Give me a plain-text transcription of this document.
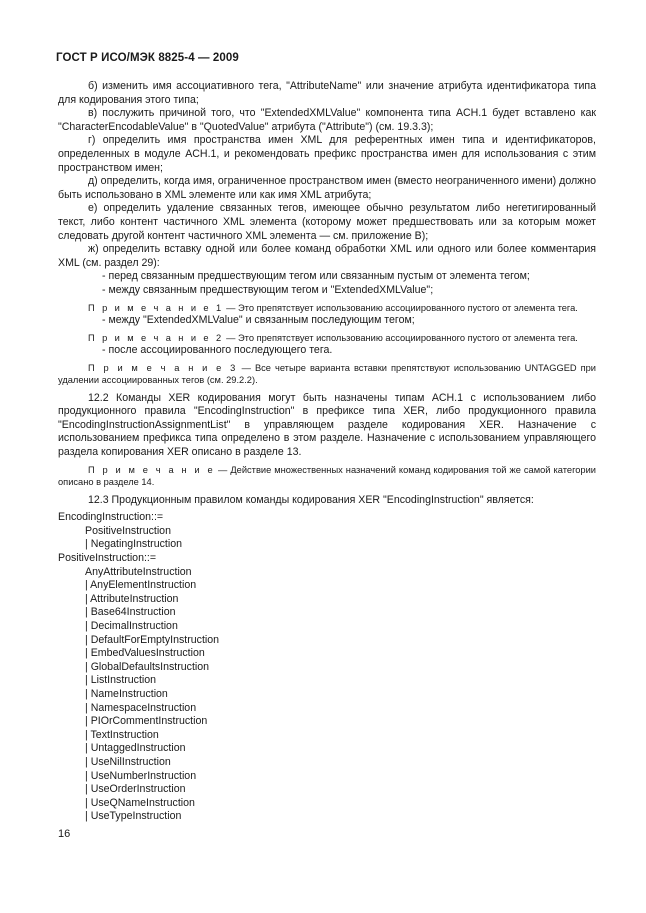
ГОСТ Р ИСО/МЭК 8825-4 — 2009

б) изменить имя ассоциативного тега, "AttributeName" или значение атрибута идентификатора типа для кодирования этого типа;

в) послужить причиной того, что "ExtendedXMLValue" компонента типа ACH.1 будет вставлено как "CharacterEncodableValue" в "QuotedValue" атрибута ("Attribute") (см. 19.3.3);

г) определить имя пространства имен XML для референтных имен типа и идентификаторов, определенных в модуле ACH.1, и рекомендовать префикс пространства имен для использования с этим пространством имен;

д) определить, когда имя, ограниченное пространством имен (вместо неограниченного имени) должно быть использовано в XML элементе или как имя XML атрибута;

е) определить удаление связанных тегов, имеющее обычно результатом либо негетигированный текст, либо контент частичного XML элемента (которому может предшествовать или за которым может следовать другой контент частичного XML элемента — см. приложение В);

ж) определить вставку одной или более команд обработки XML или одного или более комментария XML (см. раздел 29):

- перед связанным предшествующим тегом или связанным пустым от элемента тегом;

- между связанным предшествующим тегом и "ExtendedXMLValue";

П р и м е ч а н и е 1 — Это препятствует использованию ассоциированного пустого от элемента тега.

- между "ExtendedXMLValue" и связанным последующим тегом;

П р и м е ч а н и е 2 — Это препятствует использованию ассоциированного пустого от элемента тега.

- после ассоциированного последующего тега.

П р и м е ч а н и е 3 — Все четыре варианта вставки препятствуют использованию UNTAGGED при удалении ассоциированных тегов (см. 29.2.2).

12.2 Команды XER кодирования могут быть назначены типам ACH.1 с использованием либо продукционного правила "EncodingInstruction" в префиксе типа XER, либо продукционного правила "EncodingInstructionAssignmentList" в управляющем разделе кодирования XER. Назначение с использованием префикса типа определено в этом разделе. Назначение с использованием управляющего раздела копирования XER описано в разделе 13.

П р и м е ч а н и е — Действие множественных назначений команд кодирования той же самой категории описано в разделе 14.

12.3 Продукционным правилом команды кодирования XER "EncodingInstruction" является:

EncodingInstruction::=
PositiveInstruction
| NegatingInstruction
PositiveInstruction::=
AnyAttributeInstruction
| AnyElementInstruction
| AttributeInstruction
| Base64Instruction
| DecimalInstruction
| DefaultForEmptyInstruction
| EmbedValuesInstruction
| GlobalDefaultsInstruction
| ListInstruction
| NameInstruction
| NamespaceInstruction
| PIOrCommentInstruction
| TextInstruction
| UntaggedInstruction
| UseNilInstruction
| UseNumberInstruction
| UseOrderInstruction
| UseQNameInstruction
| UseTypeInstruction
16
